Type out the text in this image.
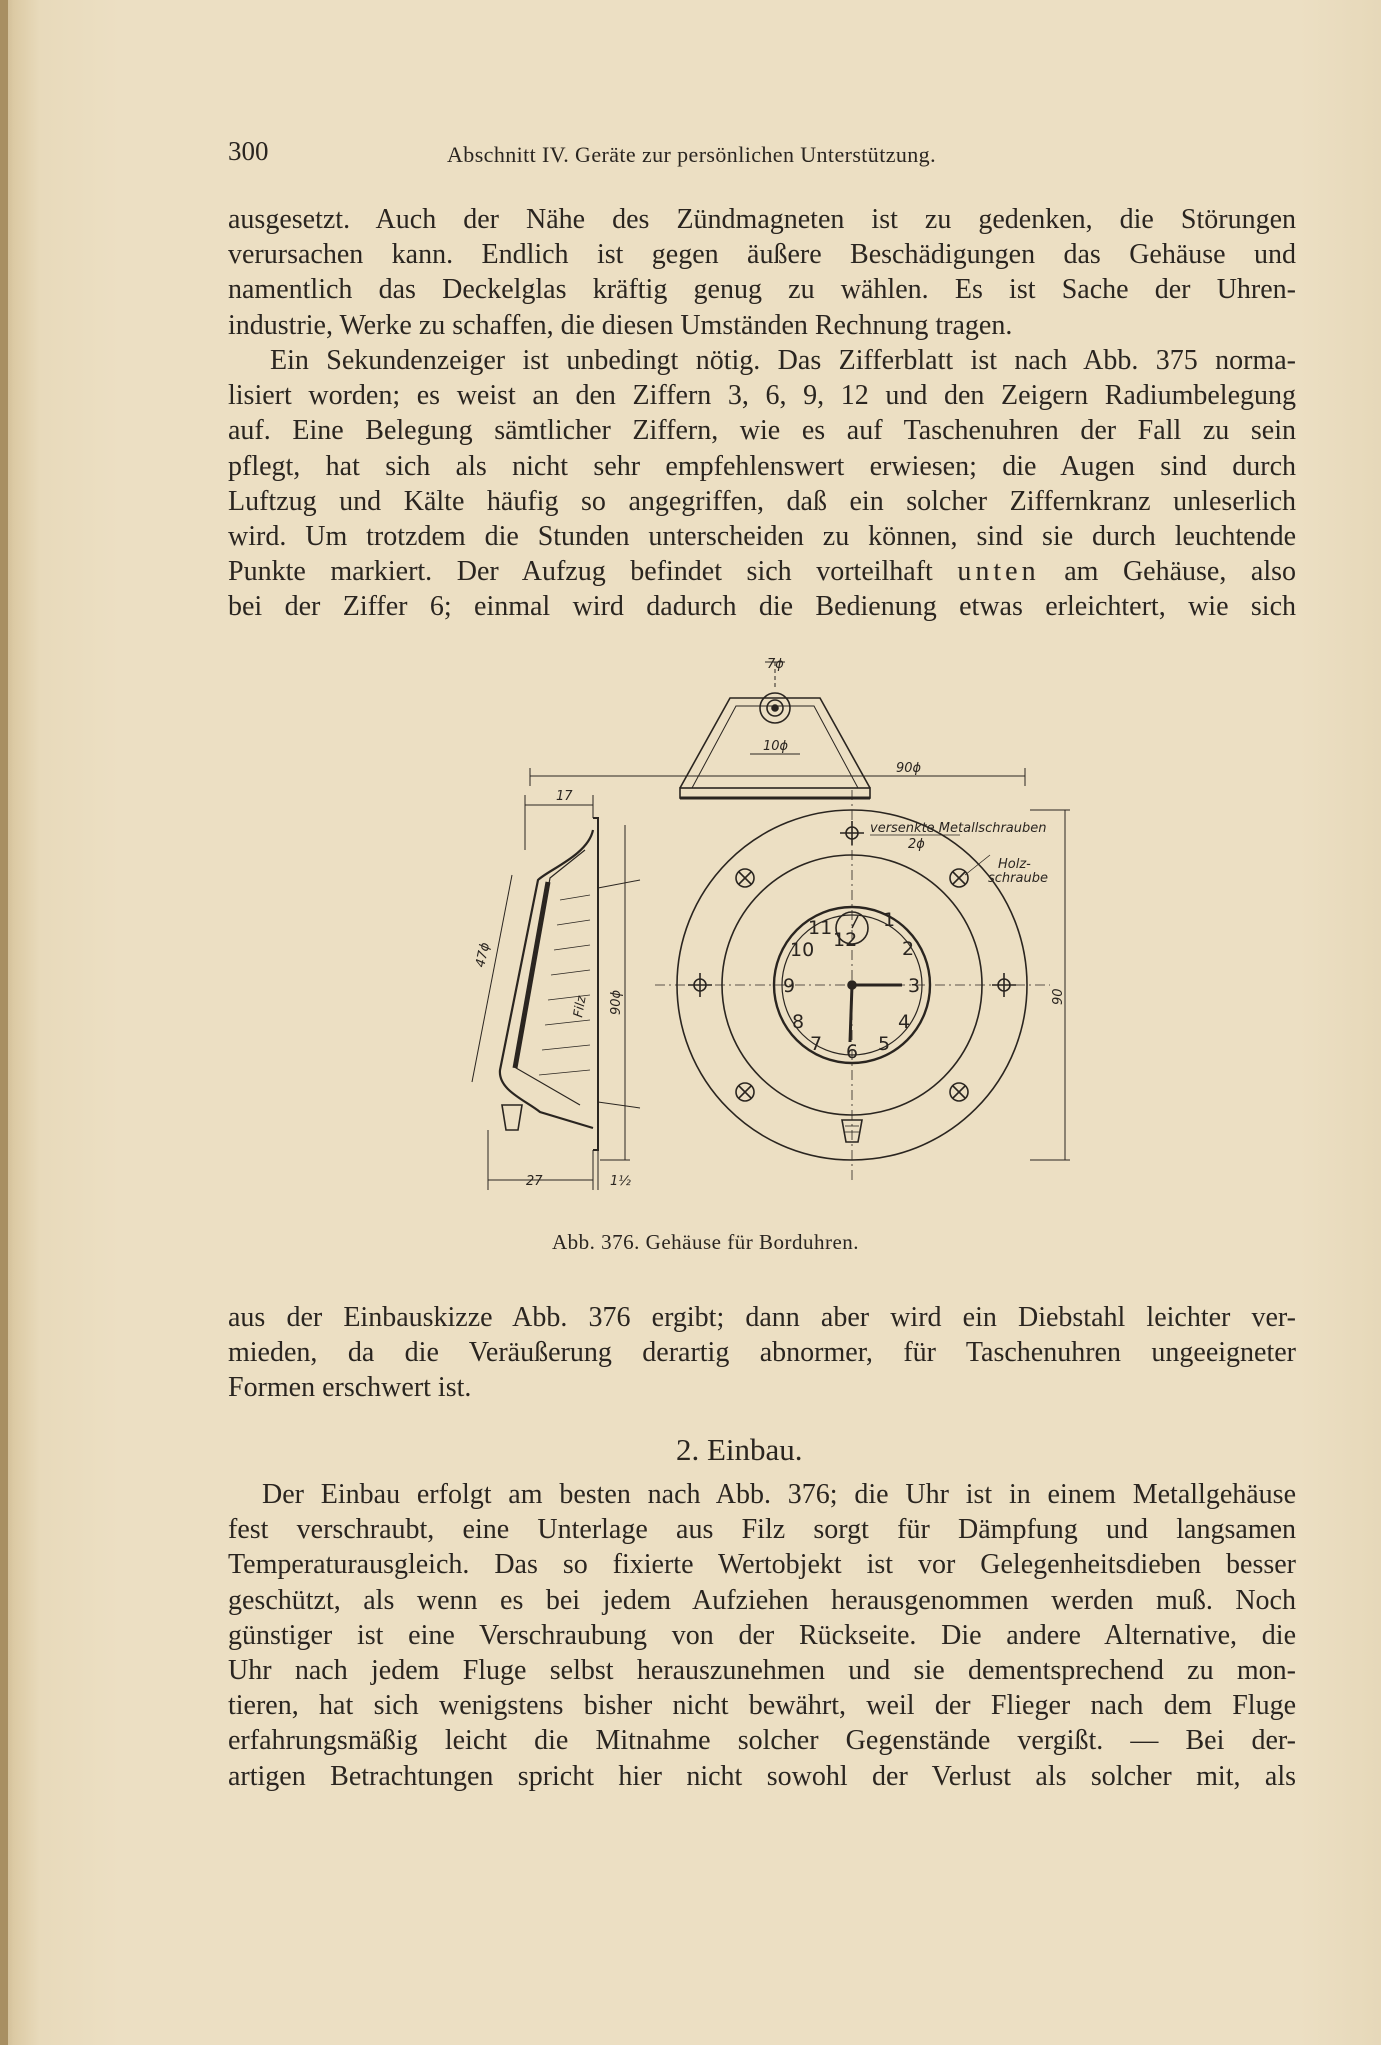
300	Abschnitt IV. Geräte zur persönlichen Unterstützung.
ausgesetzt. Auch der Nähe des Zündmagneten ist zu gedenken, die Störungen
verursachen kann. Endlich ist gegen äußere Beschädigungen das Gehäuse und
namentlich das Deckelglas kräftig genug zu wählen. Es ist Sache der Uhren-
industrie, Werke zu schaffen, die diesen Umständen Rechnung tragen.
Ein Sekundenzeiger ist unbedingt nötig. Das Zifferblatt ist nach Abb. 375 norma-
lisiert worden; es weist an den Ziffern 3, 6, 9, 12 und den Zeigern Radiumbelegung
auf. Eine Belegung sämtlicher Ziffern, wie es auf Taschenuhren der Fall zu sein
pflegt, hat sich als nicht sehr empfehlenswert erwiesen; die Augen sind durch
Luftzug und Kälte häufig so angegriffen, daß ein solcher Ziffernkranz unleserlich
wird. Um trotzdem die Stunden unterscheiden zu können, sind sie durch leuchtende
Punkte markiert. Der Aufzug befindet sich vorteilhaft unten am Gehäuse, also
bei der Ziffer 6; einmal wird dadurch die Bedienung etwas erleichtert, wie sich
7ϕ
10ϕ
90ϕ
17
47ϕ
90ϕ	90
Filz
27	1½
versenkte Metallschrauben
2ϕ
Holz-
schraube
12
1
2
3
4
5
6
7
8
9
10
11
Abb. 376. Gehäuse für Borduhren.
aus der Einbauskizze Abb. 376 ergibt; dann aber wird ein Diebstahl leichter ver-
mieden, da die Veräußerung derartig abnormer, für Taschenuhren ungeeigneter
Formen erschwert ist.
2. Einbau.
Der Einbau erfolgt am besten nach Abb. 376; die Uhr ist in einem Metallgehäuse
fest verschraubt, eine Unterlage aus Filz sorgt für Dämpfung und langsamen
Temperaturausgleich. Das so fixierte Wertobjekt ist vor Gelegenheitsdieben besser
geschützt, als wenn es bei jedem Aufziehen herausgenommen werden muß. Noch
günstiger ist eine Verschraubung von der Rückseite. Die andere Alternative, die
Uhr nach jedem Fluge selbst herauszunehmen und sie dementsprechend zu mon-
tieren, hat sich wenigstens bisher nicht bewährt, weil der Flieger nach dem Fluge
erfahrungsmäßig leicht die Mitnahme solcher Gegenstände vergißt. — Bei der-
artigen Betrachtungen spricht hier nicht sowohl der Verlust als solcher mit, als
